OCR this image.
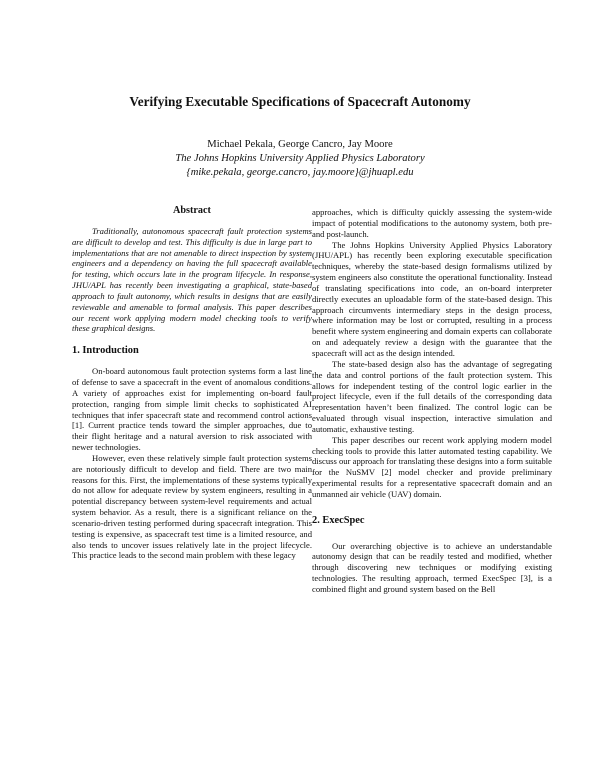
Verifying Executable Specifications of Spacecraft Autonomy
Michael Pekala, George Cancro, Jay Moore
The Johns Hopkins University Applied Physics Laboratory
{mike.pekala, george.cancro, jay.moore}@jhuapl.edu
Abstract

Traditionally, autonomous spacecraft fault protection systems are difficult to develop and test. This difficulty is due in large part to implementations that are not amenable to direct inspection by system engineers and a dependency on having the full spacecraft available for testing, which occurs late in the program lifecycle. In response, JHU/APL has recently been investigating a graphical, state-based approach to fault autonomy, which results in designs that are easily reviewable and amenable to formal analysis. This paper describes our recent work applying modern model checking tools to verify these graphical designs.

1. Introduction

On-board autonomous fault protection systems form a last line of defense to save a spacecraft in the event of anomalous conditions. A variety of approaches exist for implementing on-board fault protection, ranging from simple limit checks to sophisticated AI techniques that infer spacecraft state and recommend control actions [1]. Current practice tends toward the simpler approaches, due to their flight heritage and a natural aversion to risk associated with newer technologies.

However, even these relatively simple fault protection systems are notoriously difficult to develop and field. There are two main reasons for this. First, the implementations of these systems typically do not allow for adequate review by system engineers, resulting in a potential discrepancy between system-level requirements and actual system behavior. As a result, there is a significant reliance on the scenario-driven testing performed during spacecraft integration. This testing is expensive, as spacecraft test time is a limited resource, and also tends to uncover issues relatively late in the project lifecycle. This practice leads to the second main problem with these legacy

approaches, which is difficulty quickly assessing the system-wide impact of potential modifications to the autonomy system, both pre- and post-launch.

The Johns Hopkins University Applied Physics Laboratory (JHU/APL) has recently been exploring executable specification techniques, whereby the state-based design formalisms utilized by system engineers also constitute the operational functionality. Instead of translating specifications into code, an on-board interpreter directly executes an uploadable form of the state-based design. This approach circumvents intermediary steps in the design process, where information may be lost or corrupted, resulting in a process benefit where system engineering and domain experts can collaborate on and adequately review a design with the guarantee that the spacecraft will act as the design intended.

The state-based design also has the advantage of segregating the data and control portions of the fault protection system. This allows for independent testing of the control logic earlier in the project lifecycle, even if the full details of the corresponding data representation haven’t been finalized. The control logic can be evaluated through visual inspection, interactive simulation and automatic, exhaustive testing.

This paper describes our recent work applying modern model checking tools to provide this latter automated testing capability. We discuss our approach for translating these designs into a form suitable for the NuSMV [2] model checker and provide preliminary experimental results for a representative spacecraft domain and an unmanned air vehicle (UAV) domain.

2. ExecSpec

Our overarching objective is to achieve an understandable autonomy design that can be readily tested and modified, whether through discovering new techniques or modifying existing technologies. The resulting approach, termed ExecSpec [3], is a combined flight and ground system based on the Bell
